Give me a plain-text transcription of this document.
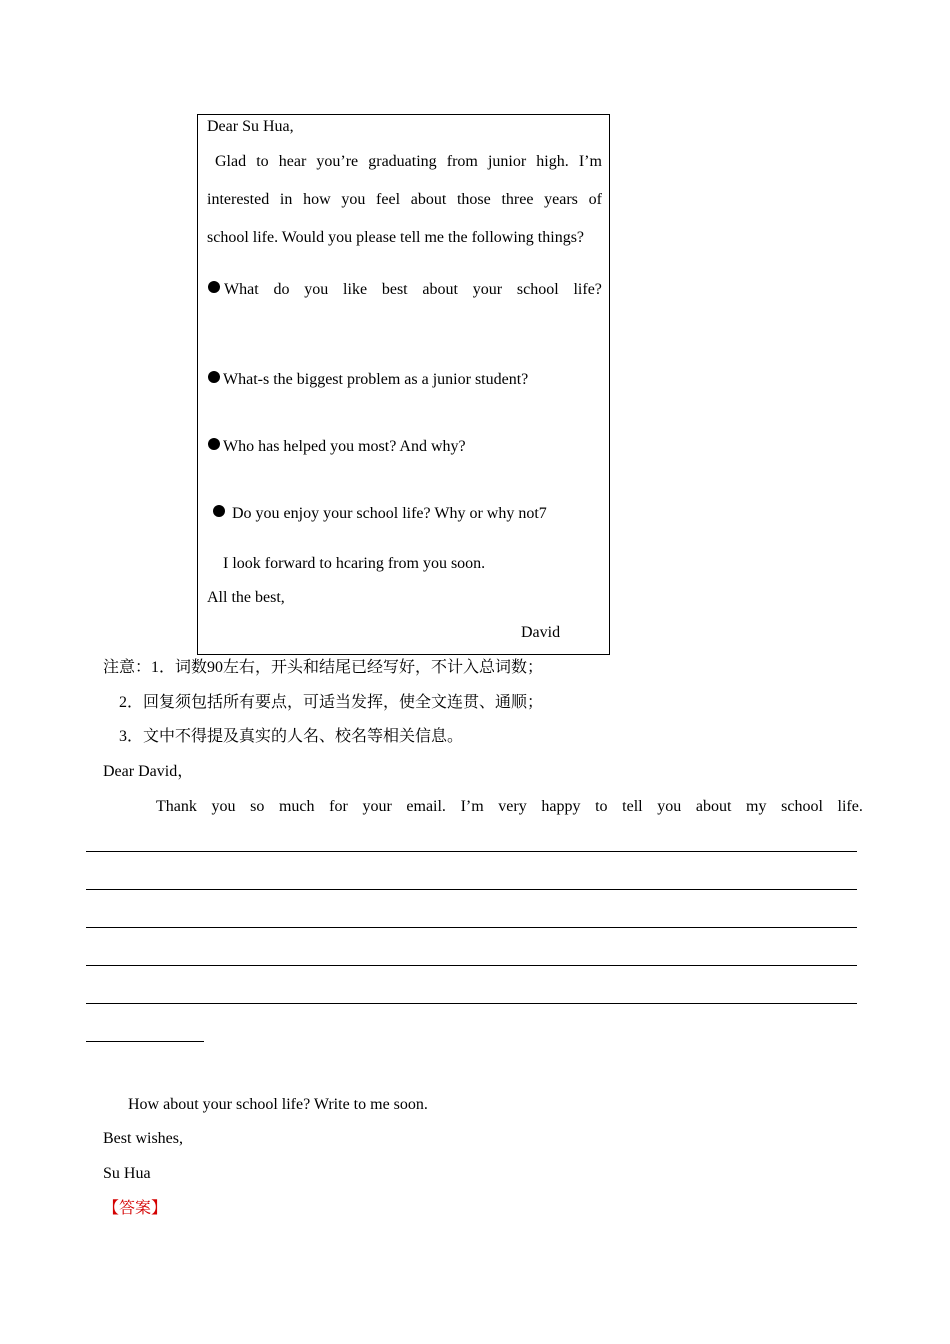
Dear Su Hua,
Glad to hear you’re graduating from junior high. I’m
interested in how you feel about those three years of
school life. Would you please tell me the following things?
What do you like best about your school life?
What-s the biggest problem as a junior student?
Who has helped you most? And why?
Do you enjoy your school life? Why or why not7
I look forward to hcaring from you soon.
All the best,
David
注意：1．词数90左右，开头和结尾已经写好，不计入总词数；
2．回复须包括所有要点，可适当发挥，使全文连贯、通顺；
3．文中不得提及真实的人名、校名等相关信息。
Dear David，
Thank you so much for your email. I’m very happy to tell you about my school life.
How about your school life? Write to me soon.
Best wishes,
Su Hua
【答案】
